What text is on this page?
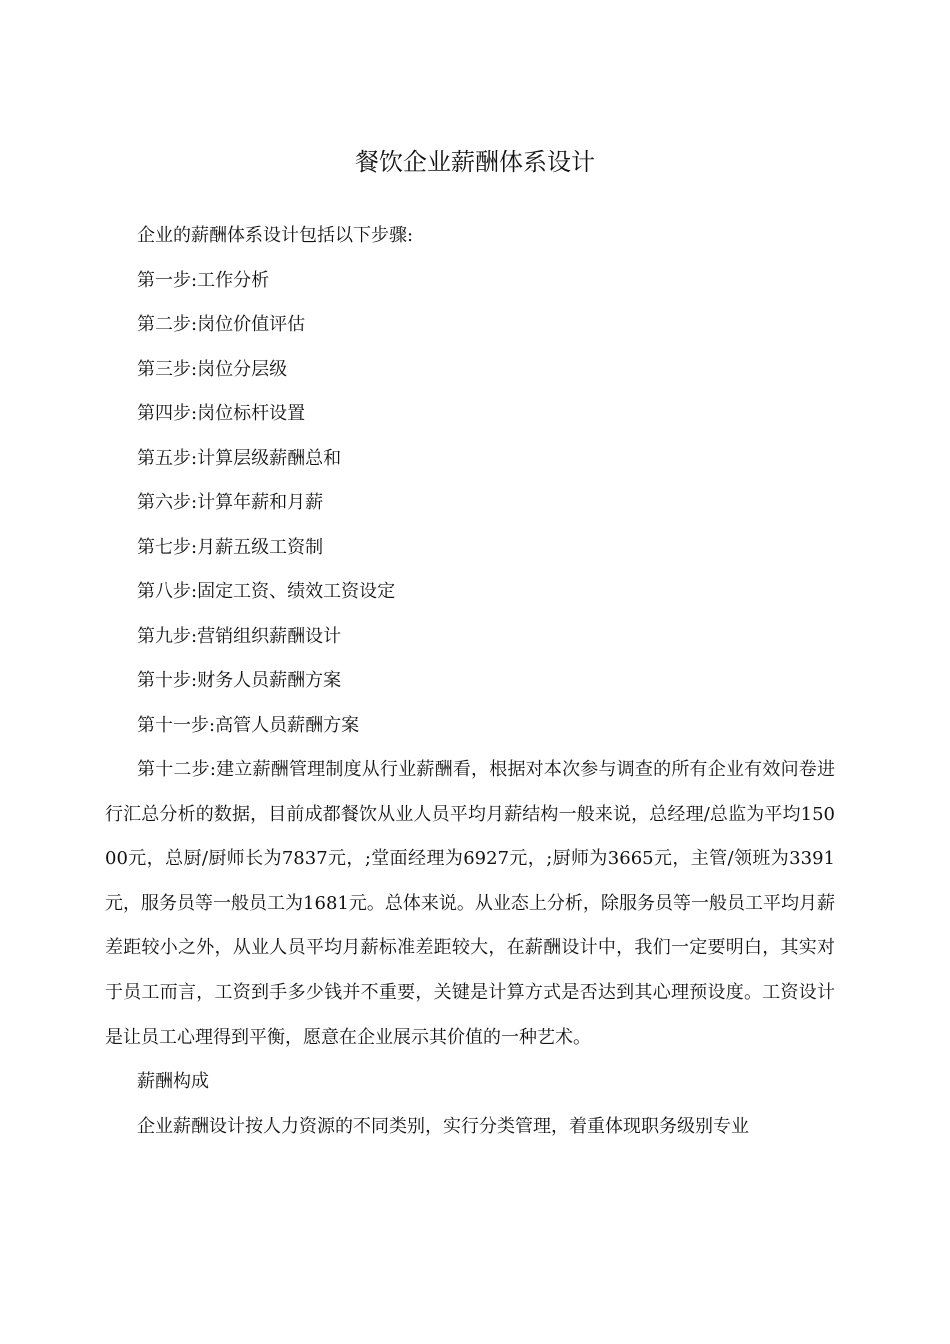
餐饮企业薪酬体系设计

企业的薪酬体系设计包括以下步骤:

第一步:工作分析

第二步:岗位价值评估

第三步:岗位分层级

第四步:岗位标杆设置

第五步:计算层级薪酬总和

第六步:计算年薪和月薪

第七步:月薪五级工资制

第八步:固定工资、绩效工资设定

第九步:营销组织薪酬设计

第十步:财务人员薪酬方案

第十一步:高管人员薪酬方案

第十二步:建立薪酬管理制度从行业薪酬看，根据对本次参与调查的所有企业有效问卷进行汇总分析的数据，目前成都餐饮从业人员平均月薪结构一般来说，总经理/总监为平均15000元，总厨/厨师长为7837元，;堂面经理为6927元，;厨师为3665元，主管/领班为3391元，服务员等一般员工为1681元。总体来说。从业态上分析，除服务员等一般员工平均月薪差距较小之外，从业人员平均月薪标准差距较大，在薪酬设计中，我们一定要明白，其实对于员工而言，工资到手多少钱并不重要，关键是计算方式是否达到其心理预设度。工资设计是让员工心理得到平衡，愿意在企业展示其价值的一种艺术。

薪酬构成

企业薪酬设计按人力资源的不同类别，实行分类管理，着重体现职务级别专业
